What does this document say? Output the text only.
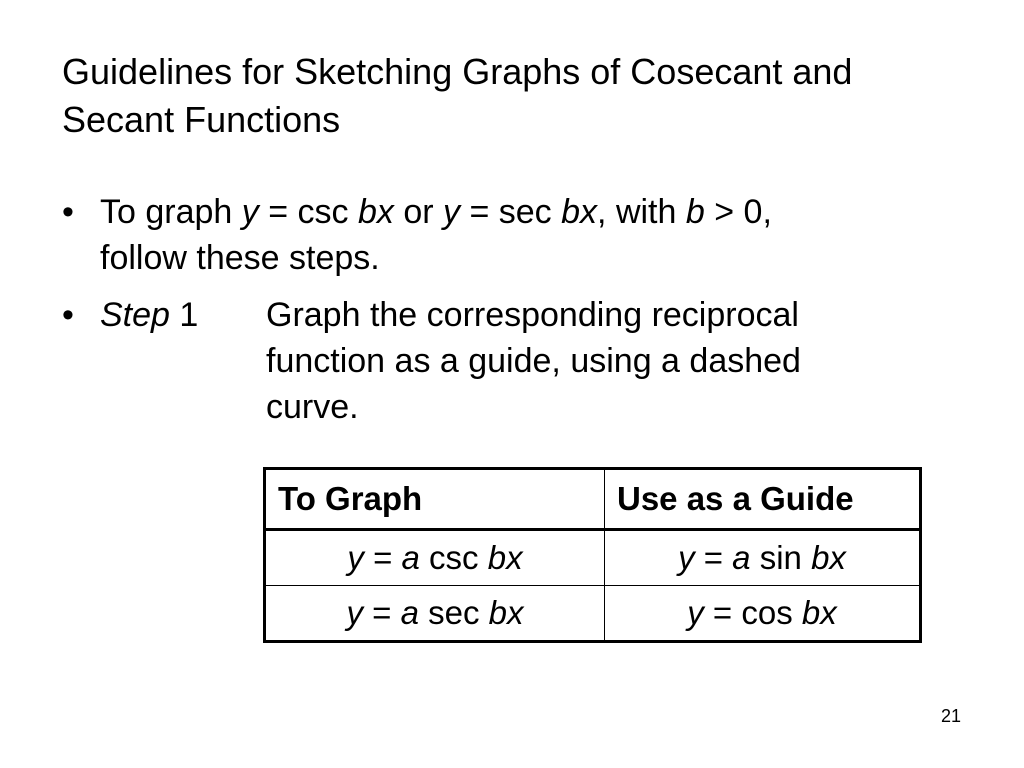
Guidelines for Sketching Graphs of Cosecant and
Secant Functions
• To graph y = csc bx or y = sec bx, with b > 0,
follow these steps.
• Step 1 Graph the corresponding reciprocal
function as a guide, using a dashed
curve.
To Graph	Use as a Guide
y = a csc bx	y = a sin bx
y = a sec bx	y = cos bx
21
